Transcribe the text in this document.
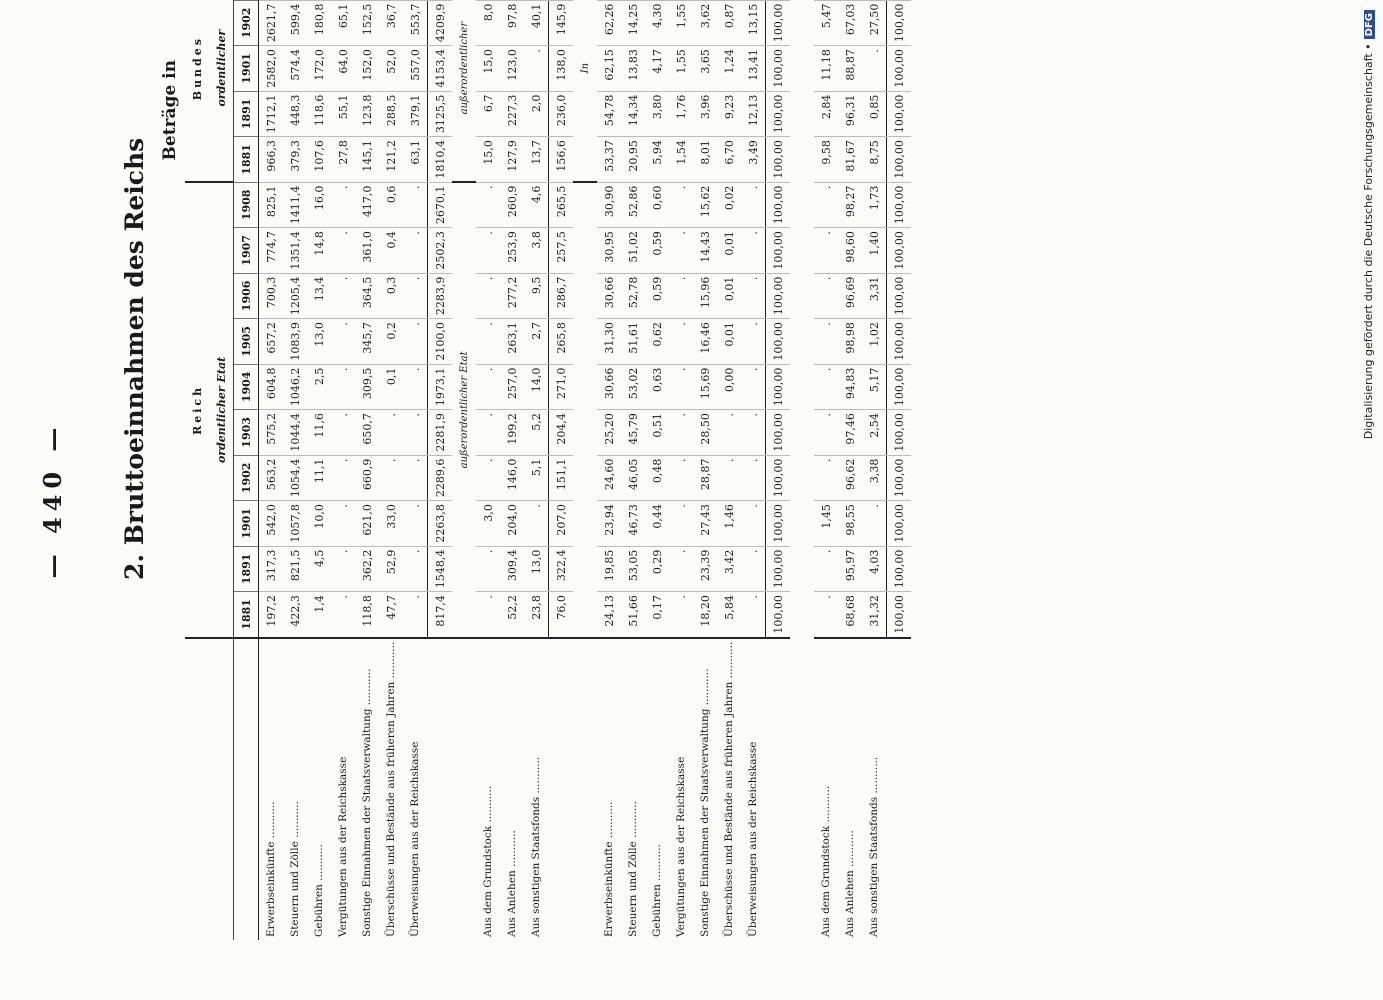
— 440 — 2. Bruttoeinnahmen des Reichs
Beträge in
	Reich										Bundes				
	ordentlicher Etat										ordentlicher				
	1881	1891	1901	1902	1903	1904	1905	1906	1907	1908	1881	1891	1901	1902	
Erwerbseinkünfte ...........	197,2	317,3	542,0	563,2	575,2	604,8	657,2	700,3	774,7	825,1	966,3	1712,1	2582,0	2621,7	
Steuern und Zölle ...........	422,3	821,5	1057,8	1054,4	1044,4	1046,2	1083,9	1205,4	1351,4	1411,4	379,3	448,3	574,4	599,4	
Gebühren ...........	1,4	4,5	10,0	11,1	11,6	2,5	13,0	13,4	14,8	16,0	107,6	118,6	172,0	180,8	
Vergütungen aus der Reichskasse	.	.	.	.	.	.	.	.	.	.	27,8	55,1	64,0	65,1	
Sonstige Einnahmen der Staatsverwaltung ...........	118,8	362,2	621,0	660,9	650,7	309,5	345,7	364,5	361,0	417,0	145,1	123,8	152,0	152,5	
Überschüsse und Bestände aus früheren Jahren ...........	47,7	52,9	33,0	.	.	0,1	0,2	0,3	0,4	0,6	121,2	288,5	52,0	36,7	
Überweisungen aus der Reichskasse	.	.	.	.	.	.	.	.	.	.	63,1	379,1	557,0	553,7	
	817,4	1548,4	2263,8	2289,6	2281,9	1973,1	2100,0	2283,9	2502,3	2670,1	1810,4	3125,5	4153,4	4209,9	
	außerordentlicher Etat										außerordentlicher				
Aus dem Grundstock ...........	.	.	3,0	.	.	.	.	.	.	.	15,0	6,7	15,0	8,0	
Aus Anlehen ...........	52,2	309,4	204,0	146,0	199,2	257,0	263,1	277,2	253,9	260,9	127,9	227,3	123,0	97,8	
Aus sonstigen Staatsfonds ...........	23,8	13,0	.	5,1	5,2	14,0	2,7	9,5	3,8	4,6	13,7	2,0	.	40,1	
	76,0	322,4	207,0	151,1	204,4	271,0	265,8	286,7	257,5	265,5	156,6	236,0	138,0	145,9	
											In				
Erwerbseinkünfte ...........	24,13	19,85	23,94	24,60	25,20	30,66	31,30	30,66	30,95	30,90	53,37	54,78	62,15	62,26	
Steuern und Zölle ...........	51,66	53,05	46,73	46,05	45,79	53,02	51,61	52,78	51,02	52,86	20,95	14,34	13,83	14,25	
Gebühren ...........	0,17	0,29	0,44	0,48	0,51	0,63	0,62	0,59	0,59	0,60	5,94	3,80	4,17	4,30	
Vergütungen aus der Reichskasse	.	.	.	.	.	.	.	.	.	.	1,54	1,76	1,55	1,55	
Sonstige Einnahmen der Staatsverwaltung ...........	18,20	23,39	27,43	28,87	28,50	15,69	16,46	15,96	14,43	15,62	8,01	3,96	3,65	3,62	
Überschüsse und Bestände aus früheren Jahren ...........	5,84	3,42	1,46	.	.	0,00	0,01	0,01	0,01	0,02	6,70	9,23	1,24	0,87	
Überweisungen aus der Reichskasse	.	.	.	.	.	.	.	.	.	.	3,49	12,13	13,41	13,15	
	100,00	100,00	100,00	100,00	100,00	100,00	100,00	100,00	100,00	100,00	100,00	100,00	100,00	100,00	

Aus dem Grundstock ...........	.	.	1,45	.	.	.	.	.	.	.	9,58	2,84	11,18	5,47	
Aus Anlehen ...........	68,68	95,97	98,55	96,62	97,46	94,83	98,98	96,69	98,60	98,27	81,67	96,31	88,87	67,03	
Aus sonstigen Staatsfonds ...........	31,32	4,03	.	3,38	2,54	5,17	1,02	3,31	1,40	1,73	8,75	0,85	.	27,50	
	100,00	100,00	100,00	100,00	100,00	100,00	100,00	100,00	100,00	100,00	100,00	100,00	100,00	100,00	
Digitalisierung gefördert durch die Deutsche Forschungsgemeinschaft •DFG
